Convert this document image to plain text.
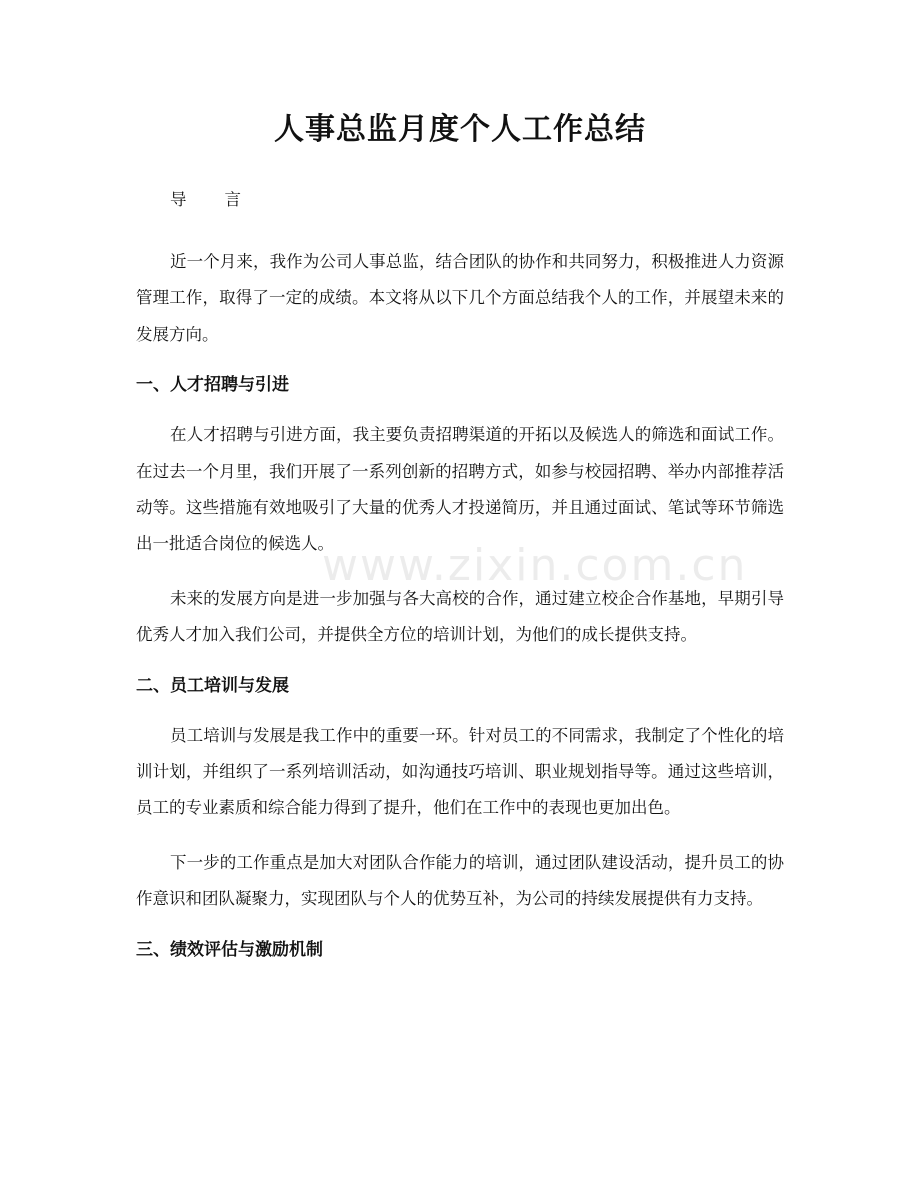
人事总监月度个人工作总结

导 言

近一个月来，我作为公司人事总监，结合团队的协作和共同努力，积极推进人力资源管理工作，取得了一定的成绩。本文将从以下几个方面总结我个人的工作，并展望未来的发展方向。

一、人才招聘与引进

在人才招聘与引进方面，我主要负责招聘渠道的开拓以及候选人的筛选和面试工作。在过去一个月里，我们开展了一系列创新的招聘方式，如参与校园招聘、举办内部推荐活动等。这些措施有效地吸引了大量的优秀人才投递简历，并且通过面试、笔试等环节筛选出一批适合岗位的候选人。

未来的发展方向是进一步加强与各大高校的合作，通过建立校企合作基地，早期引导优秀人才加入我们公司，并提供全方位的培训计划，为他们的成长提供支持。

二、员工培训与发展

员工培训与发展是我工作中的重要一环。针对员工的不同需求，我制定了个性化的培训计划，并组织了一系列培训活动，如沟通技巧培训、职业规划指导等。通过这些培训，员工的专业素质和综合能力得到了提升，他们在工作中的表现也更加出色。

下一步的工作重点是加大对团队合作能力的培训，通过团队建设活动，提升员工的协作意识和团队凝聚力，实现团队与个人的优势互补，为公司的持续发展提供有力支持。

三、绩效评估与激励机制
www.zixin.com.cn
